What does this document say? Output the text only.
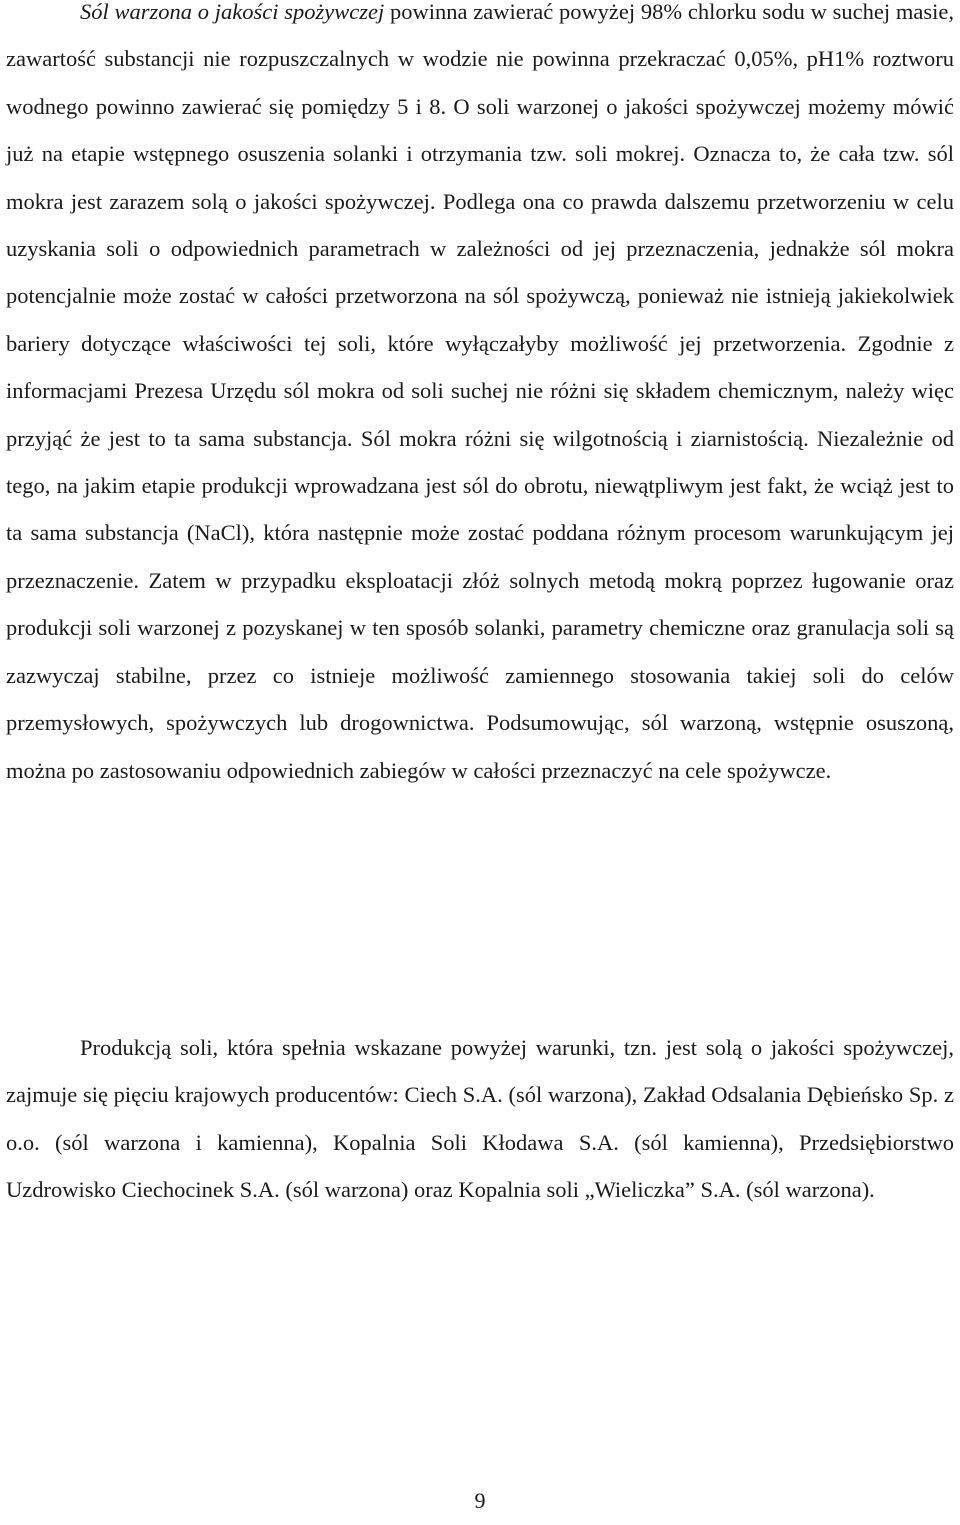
Sól warzona o jakości spożywczej powinna zawierać powyżej 98% chlorku sodu w suchej masie, zawartość substancji nie rozpuszczalnych w wodzie nie powinna przekraczać 0,05%, pH1% roztworu wodnego powinno zawierać się pomiędzy 5 i 8. O soli warzonej o jakości spożywczej możemy mówić już na etapie wstępnego osuszenia solanki i otrzymania tzw. soli mokrej. Oznacza to, że cała tzw. sól mokra jest zarazem solą o jakości spożywczej. Podlega ona co prawda dalszemu przetworzeniu w celu uzyskania soli o odpowiednich parametrach w zależności od jej przeznaczenia, jednakże sól mokra potencjalnie może zostać w całości przetworzona na sól spożywczą, ponieważ nie istnieją jakiekolwiek bariery dotyczące właściwości tej soli, które wyłączałyby możliwość jej przetworzenia. Zgodnie z informacjami Prezesa Urzędu sól mokra od soli suchej nie różni się składem chemicznym, należy więc przyjąć że jest to ta sama substancja. Sól mokra różni się wilgotnością i ziarnistością. Niezależnie od tego, na jakim etapie produkcji wprowadzana jest sól do obrotu, niewątpliwym jest fakt, że wciąż jest to ta sama substancja (NaCl), która następnie może zostać poddana różnym procesom warunkującym jej przeznaczenie. Zatem w przypadku eksploatacji złóż solnych metodą mokrą poprzez ługowanie oraz produkcji soli warzonej z pozyskanej w ten sposób solanki, parametry chemiczne oraz granulacja soli są zazwyczaj stabilne, przez co istnieje możliwość zamiennego stosowania takiej soli do celów przemysłowych, spożywczych lub drogownictwa. Podsumowując, sól warzoną, wstępnie osuszoną, można po zastosowaniu odpowiednich zabiegów w całości przeznaczyć na cele spożywcze.

Produkcją soli, która spełnia wskazane powyżej warunki, tzn. jest solą o jakości spożywczej, zajmuje się pięciu krajowych producentów: Ciech S.A. (sól warzona), Zakład Odsalania Dębieńsko Sp. z o.o. (sól warzona i kamienna), Kopalnia Soli Kłodawa S.A. (sól kamienna), Przedsiębiorstwo Uzdrowisko Ciechocinek S.A. (sól warzona) oraz Kopalnia soli „Wieliczka” S.A. (sól warzona).

9
